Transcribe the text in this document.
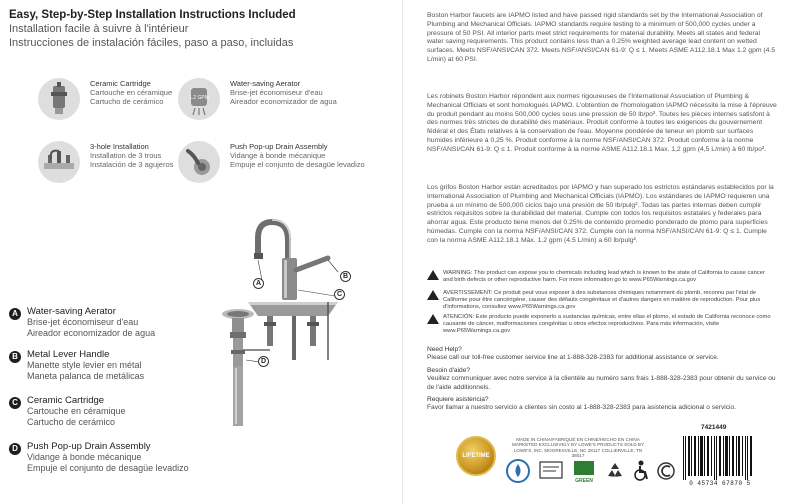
Easy, Step-by-Step Installation Instructions Included
Installation facile à suivre à l'intérieur
Instrucciones de instalación fáciles, paso a paso, incluidas
Ceramic Cartridge
Cartouche en céramique
Cartucho de cerámico	1.2 GPM
Water-saving Aerator
Brise-jet économiseur d'eau
Aireador economizador de agua
3-hole Installation
Installation de 3 trous
Instalación de 3 agujeros
Push Pop-up Drain Assembly
Vidange à bonde mécanique
Empuje el conjunto de desagüe levadizo
A
B
C
D
A Water-saving Aerator
Brise-jet économiseur d'eau
Aireador economizador de agua
B Metal Lever Handle
Manette style levier en métal
Maneta palanca de metálicas
C Ceramic Cartridge
Cartouche en céramique
Cartucho de cerámico
D Push Pop-up Drain Assembly
Vidange à bonde mécanique
Empuje el conjunto de desagüe levadizo
Boston Harbor faucets are IAPMO listed and have passed rigid standards set by the International Association of Plumbing and Mechanical Officials. IAPMO standards require testing to a minimum of 500,000 cycles under a pressure of 50 PSI. All interior parts meet strict requirements for material durability. Meets all states and federal water saving requirements. This product contains less than a 0.25% weighted average lead content on wetted surfaces. Meets NSF/ANSI/CAN 372. Meets NSF/ANSI/CAN 61-9: Q ≤ 1. Meets ASME A112.18.1 Max 1.2 gpm (4.5 L/min) at 60 PSI.
Les robinets Boston Harbor répondent aux normes rigoureuses de l'International Association of Plumbing & Mechanical Officials et sont homologués IAPMO. L'obtention de l'homologation IAPMO nécessite la mise à l'épreuve du produit pendant au moins 500,000 cycles sous une pression de 50 lb/po². Toutes les pièces internes satisfont à des normes très strictes de durabilité des matériaux. Produit conforme à toutes les exigences du gouvernement fédéral et des États relatives à la conservation de l'eau. Moyenne pondérée de teneur en plomb sur surfaces humides inférieure à 0,25 %. Produit conforme à la norme NSF/ANSI/CAN 372. Produit conforme à la norme NSF/ANSI/CAN 61-9: Q ≤ 1. Produit conforme à la norme ASME A112.18.1 Max. 1,2 gpm (4,5 L/min) à 60 lb/po².
Los grifos Boston Harbor están acreditados por IAPMO y han superado los estrictos estándares establecidos por la International Association of Plumbing and Mechanical Officials (IAPMO). Los estándares de IAPMO requieren una prueba a un mínimo de 500,000 ciclos bajo una presión de 50 lb/pulg². Todas las partes internas deben cumplir estrictos requisitos sobre la durabilidad del material. Cumple con todos los requisitos estatales y federales para ahorrar agua. Este producto tiene menos del 0.25% de contenido promedio ponderado de plomo para superficies húmedas. Cumple con la norma NSF/ANSI/CAN 372. Cumple con la norma NSF/ANSI/CAN 61-9: Q ≤ 1. Cumple con la norma ASME A112.18.1 Máx. 1.2 gpm (4.5 L/min) a 60 lb/pulg².
WARNING: This product can expose you to chemicals including lead which is known to the state of California to cause cancer and birth defects or other reproductive harm. For more information go to www.P65Warnings.ca.gov
AVERTISSEMENT: Ce produit peut vous exposer à des substances chimiques notamment du plomb, reconnu par l'état de Californie pour être cancérigène, causer des défauts congénitaux et d'autres dangers en matière de reproduction. Pour plus d'informations, consultez www.P65Warnings.ca.gov
ATENCIÓN: Este producto puede exponerlo a sustancias químicas, entre ellas el plomo, el estado de California reconoce como causante de cáncer, malformaciones congénitas u otros efectos reproductivos. Para más información, visite www.P65Warnings.ca.gov
Need Help?
Please call our toll-free customer service line at 1-888-328-2383 for additional assistance or service.
Besoin d'aide?
Veuillez communiquer avec notre service à la clientèle au numéro sans frais 1-888-328-2383 pour obtenir du service ou de l'aide additionnels.
Requiere asistencia?
Favor llamar a nuestro servicio a clientes sin costo al 1-888-328-2383 para asistencia adicional o servicio.
7421449
LIFETIME
MADE IN CHINA/FABRIQUÉ EN CHINE/HECHO EN CHINA MARKETED EXCLUSIVELY BY LOWE'S PRODUCTS SOLD BY LOWE'S, INC. MOORESVILLE, NC 28117 COLLIERVILLE, TN 38017
GREEN	0 45734 67870 5
